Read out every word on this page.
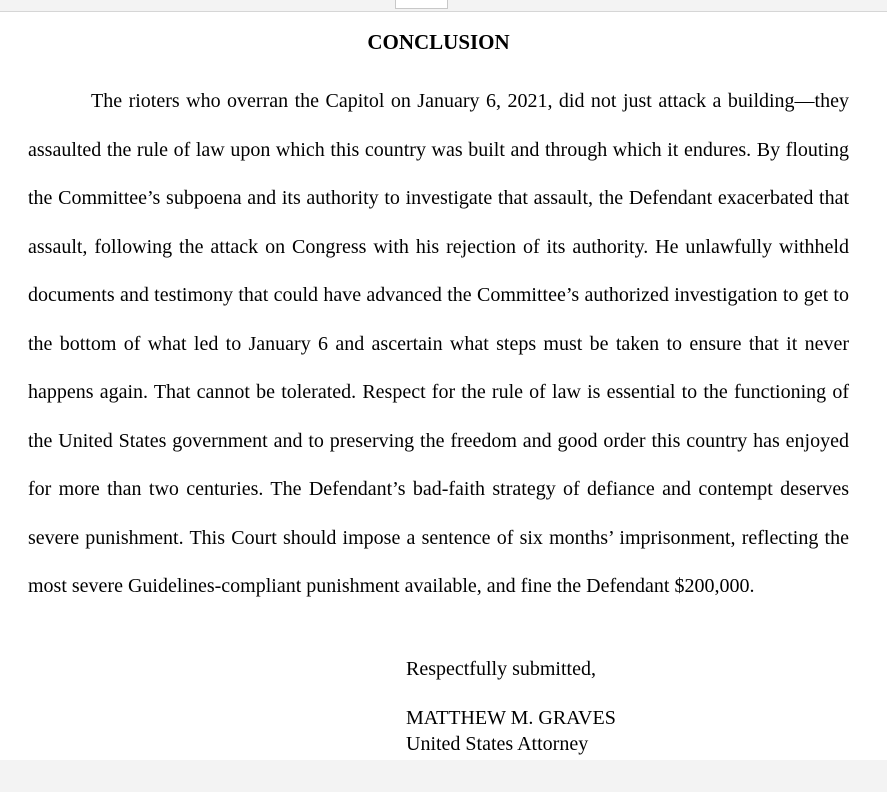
CONCLUSION

The rioters who overran the Capitol on January 6, 2021, did not just attack a building—they assaulted the rule of law upon which this country was built and through which it endures. By flouting the Committee’s subpoena and its authority to investigate that assault, the Defendant exacerbated that assault, following the attack on Congress with his rejection of its authority. He unlawfully withheld documents and testimony that could have advanced the Committee’s authorized investigation to get to the bottom of what led to January 6 and ascertain what steps must be taken to ensure that it never happens again. That cannot be tolerated. Respect for the rule of law is essential to the functioning of the United States government and to preserving the freedom and good order this country has enjoyed for more than two centuries. The Defendant’s bad-faith strategy of defiance and contempt deserves severe punishment. This Court should impose a sentence of six months’ imprisonment, reflecting the most severe Guidelines-compliant punishment available, and fine the Defendant $200,000.

Respectfully submitted,
MATTHEW M. GRAVES
United States Attorney
